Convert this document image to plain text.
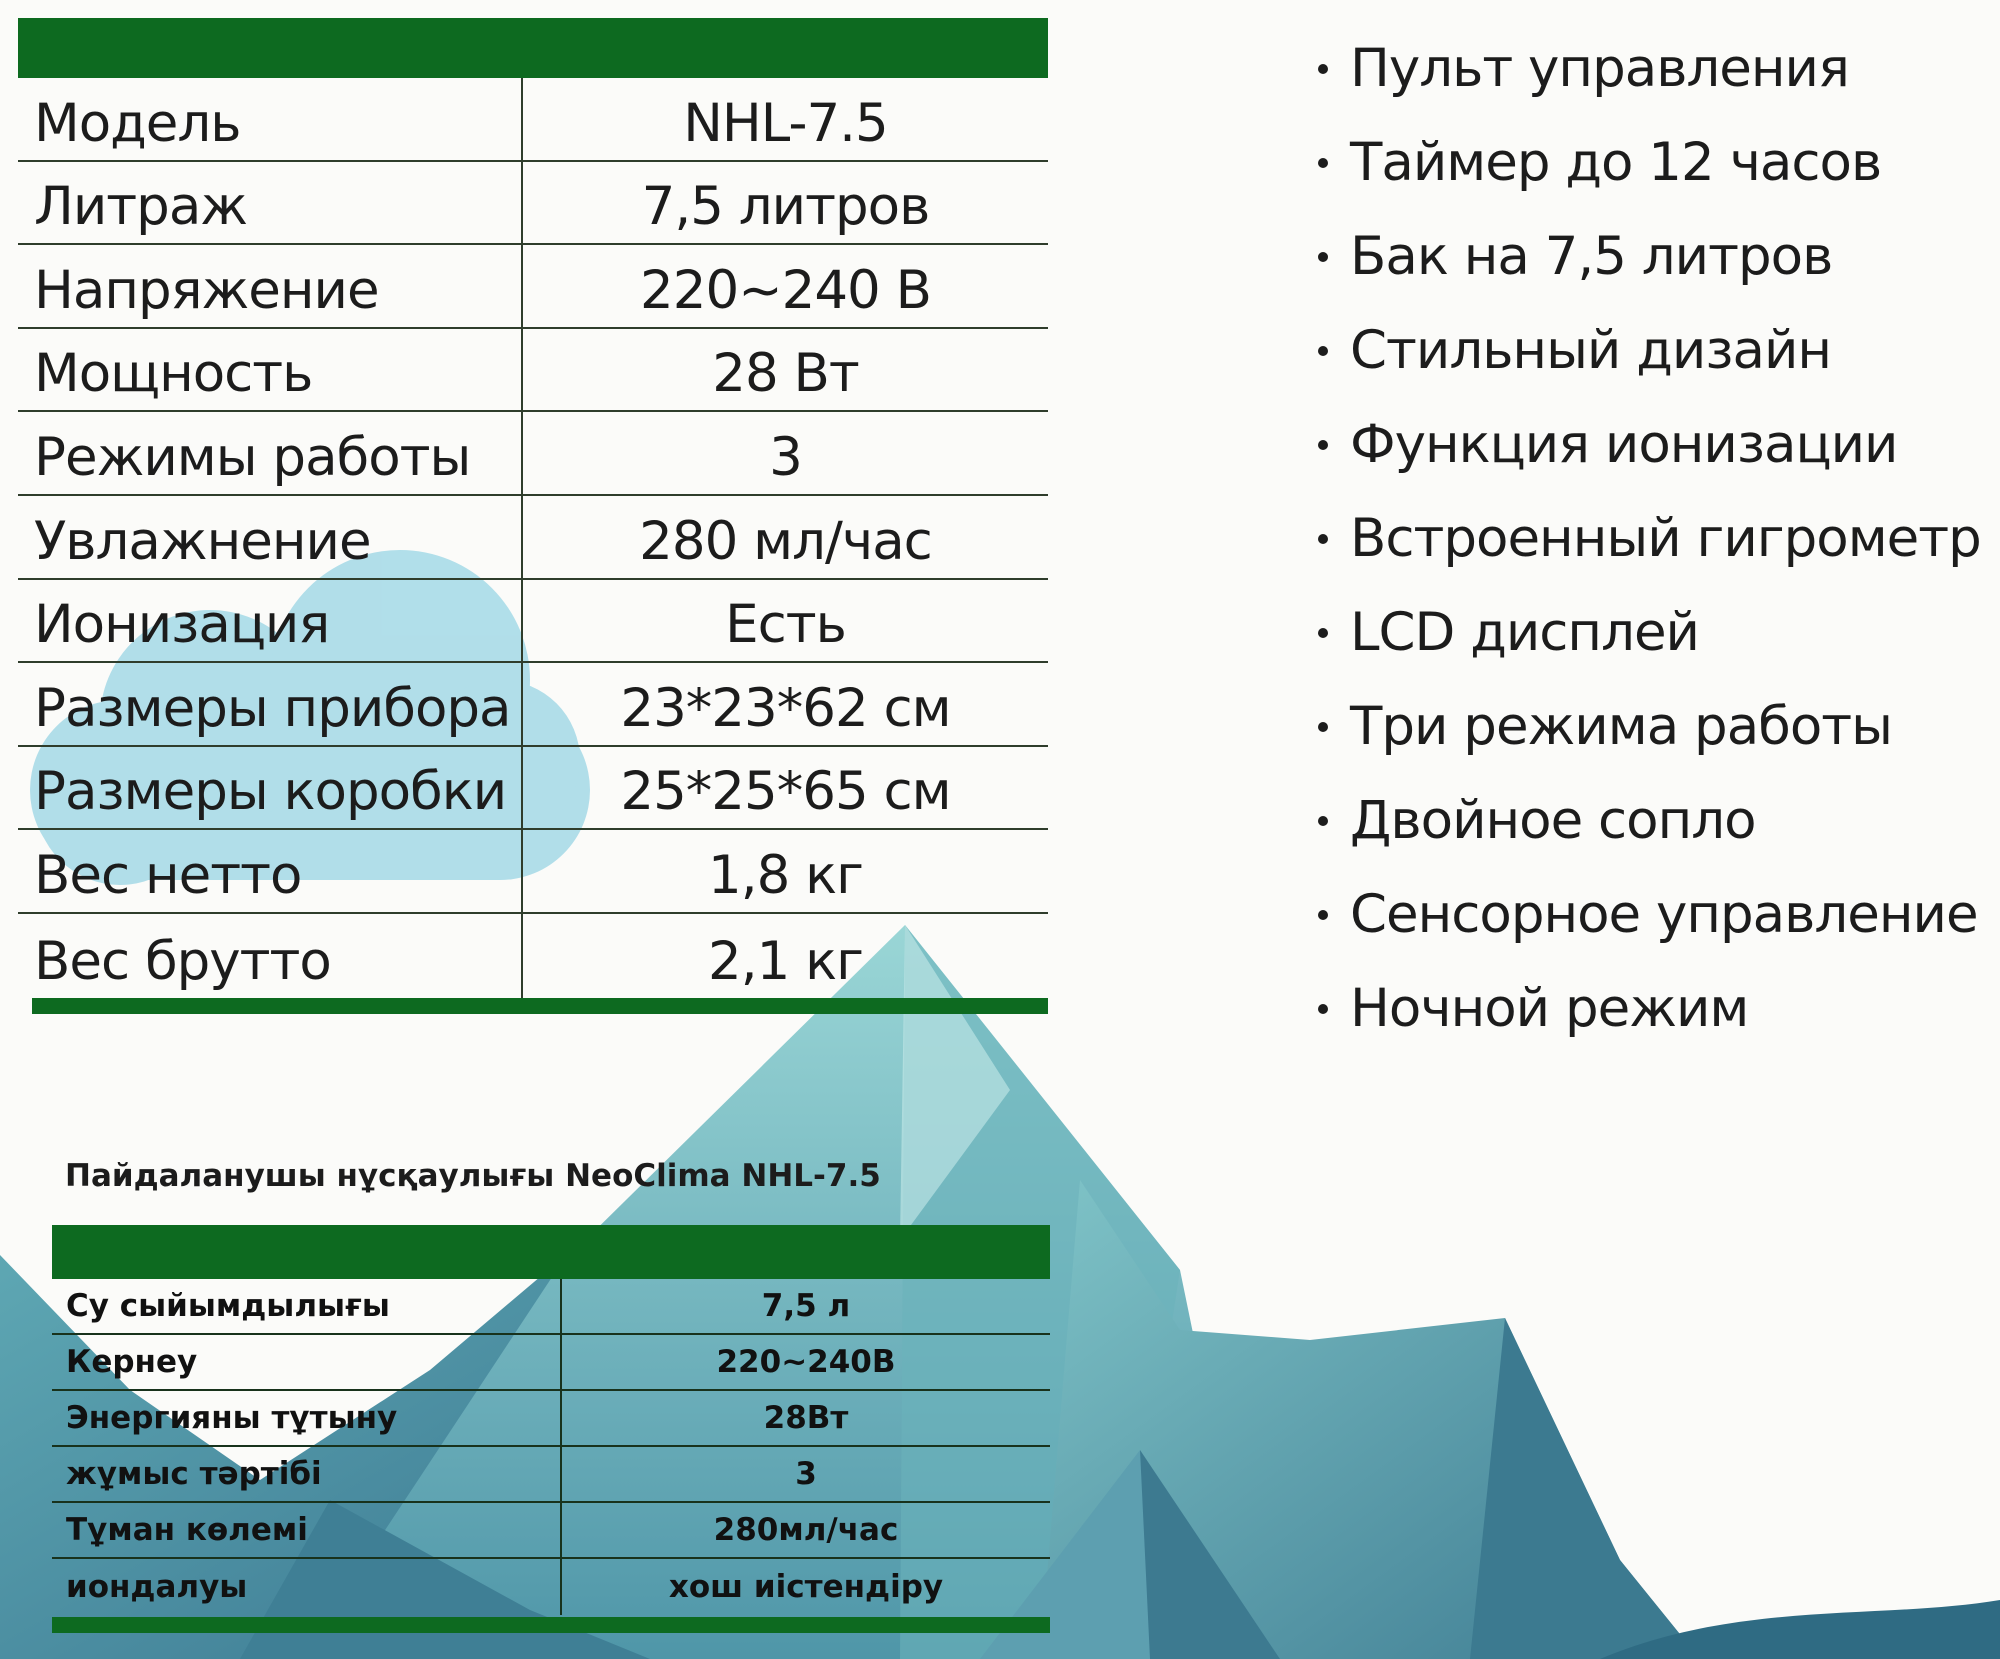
Модель	NHL-7.5
Литраж	7,5 литров
Напряжение	220~240 В
Мощность	28 Вт
Режимы работы	3
Увлажнение	280 мл/час
Ионизация	Есть
Размеры прибора	23*23*62 см
Размеры коробки	25*25*65 см
Вес нетто	1,8 кг
Вес брутто	2,1 кг
Пульт управления
Таймер до 12 часов
Бак на 7,5 литров
Стильный дизайн
Функция ионизации
Встроенный гигрометр
LCD дисплей
Три режима работы
Двойное сопло
Сенсорное управление
Ночной режим
Пайдаланушы нұсқаулығы NeoClima NHL-7.5
Су сыйымдылығы	7,5 л
Кернеу	220~240В
Энергияны тұтыну	28Вт
жұмыс тәртібі	3
Тұман көлемі	280мл/час
иондалуы	хош иістендіру
